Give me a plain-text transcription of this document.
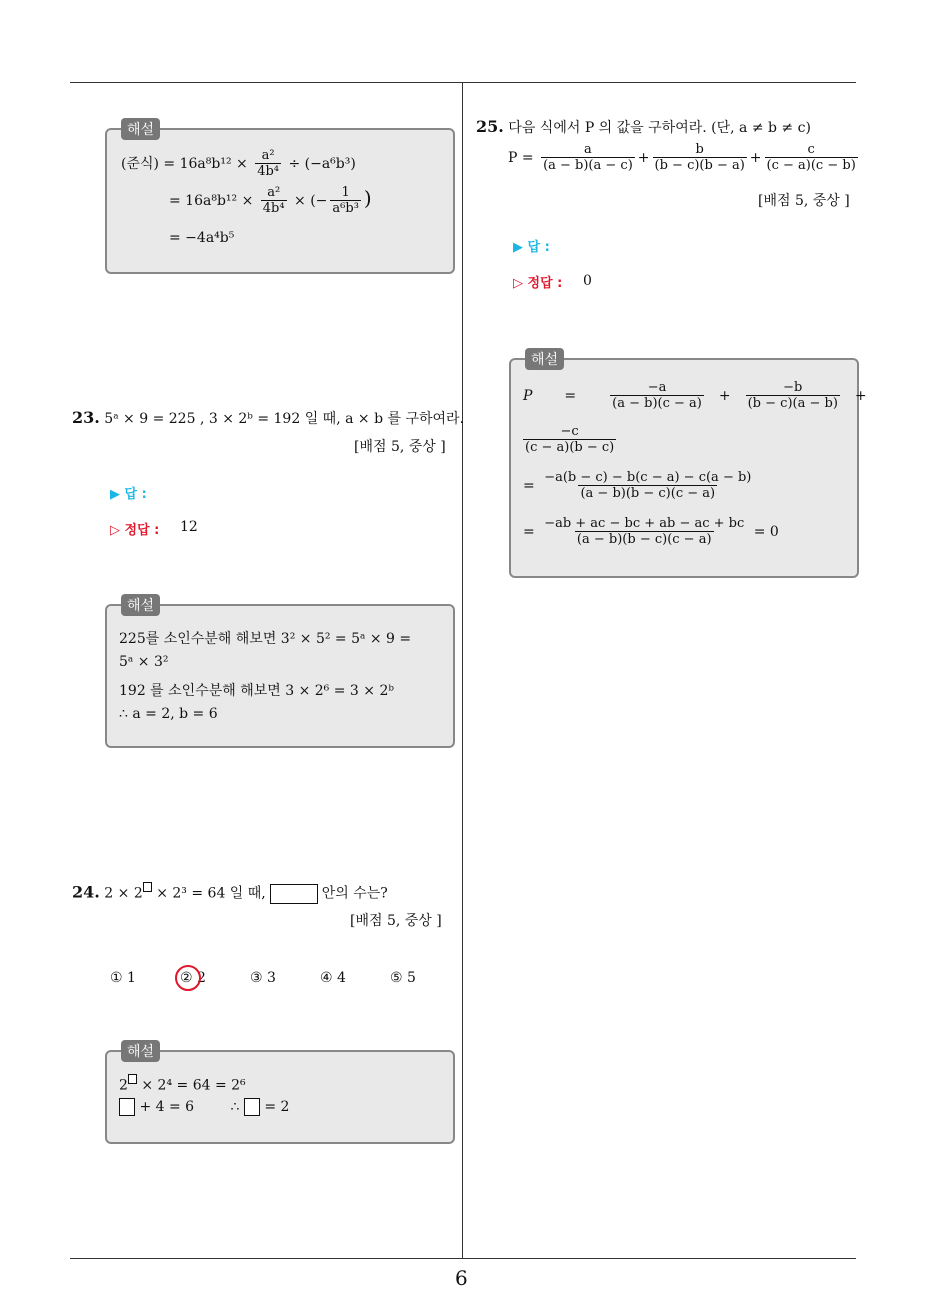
6
해설
(준식) = $16a^8b^{12} \times \frac{\text{a²}}{\text{4b⁴}} \div (-a^6b^3)$
= $16a^8b^{12} \times \frac{\text{a²}}{\text{4b⁴}}$ × (− $\frac{1}{\text{a⁶b³}}$ )
= −4a⁴b⁵
23. 5ᵃ × 9 = 225 , 3 × 2ᵇ = 192 일 때, a × b 를 구하여라.
[배점 5, 중상 ]
▶ 답 :
▷ 정답 : 12
해설
225를 소인수분해 해보면 3² × 5² = 5ᵃ × 9 =
5ᵃ × 3²
192 를 소인수분해 해보면 3 × 2⁶ = 3 × 2ᵇ
∴ a = 2, b = 6
24. 2 × 2 × 2³ = 64 일 때,	안의 수는?
[배점 5, 중상 ]
① 1	② 2	③ 3	④ 4	⑤ 5
해설
2 × 2⁴ = 64 = 2⁶
+ 4 = 6	∴  = 2
25. 다음 식에서 P 의 값을 구하여라. (단, a ≠ b ≠ c)
$P = \frac{a}{(a - b)(a - c)} + \frac{b}{(b - c)(b - a)} + \frac{c}{(c - a)(c - b)}$
[배점 5, 중상 ]
▶ 답 :
▷ 정답 : 0
해설
P =	$\frac{-a}{(a - b)(c - a)} + \frac{-b}{(b - c)(a - b)}$ +
$\frac{-c}{(c - a)(b - c)}$
= $\frac{-a(b - c) - b(c - a) - c(a - b)}{(a - b)(b - c)(c - a)}$
= $\frac{-ab + ac - bc + ab - ac + bc}{(a - b)(b - c)(c - a)} = 0$
